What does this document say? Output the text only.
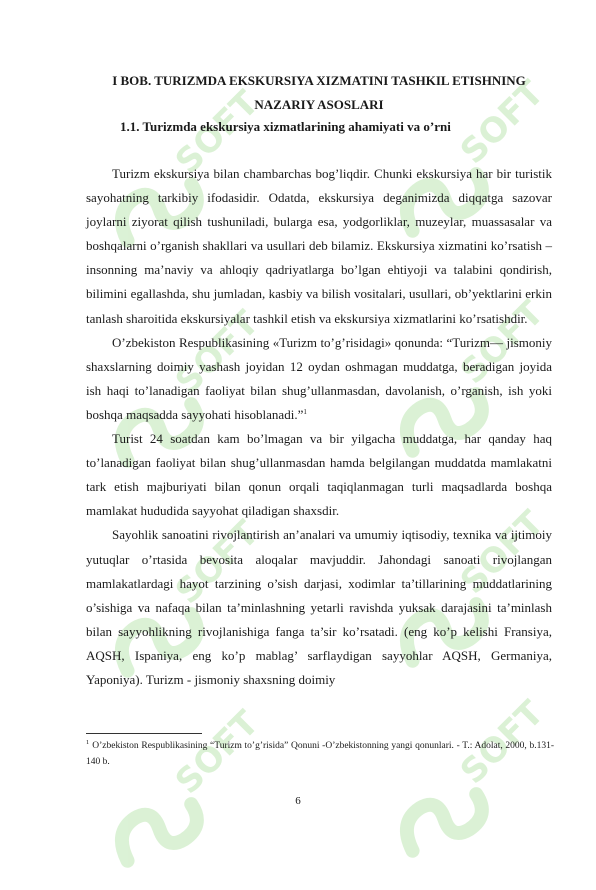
SOFT	SOFT
SOFT	SOFT
SOFT	SOFT
SOFT	SOFT
I BOB. TURIZMDA EKSKURSIYA XIZMATINI TASHKIL ETISHNING NAZARIY ASOSLARI
1.1. Turizmda ekskursiya xizmatlarining ahamiyati va o’rni

Turizm ekskursiya bilan chambarchas bog’liqdir. Chunki ekskursiya har bir turistik sayohatning tarkibiy ifodasidir. Odatda, ekskursiya deganimizda diqqatga sazovar joylarni ziyorat qilish tushuniladi, bularga esa, yodgorliklar, muzeylar, muassasalar va boshqalarni o’rganish shakllari va usullari deb bilamiz. Ekskursiya xizmatini ko’rsatish – insonning ma’naviy va ahloqiy qadriyatlarga bo’lgan ehtiyoji va talabini qondirish, bilimini egallashda, shu jumladan, kasbiy va bilish vositalari, usullari, ob’yektlarini erkin tanlash sharoitida ekskursiyalar tashkil etish va ekskursiya xizmatlarini ko’rsatishdir.

O’zbekiston Respublikasining «Turizm to’g’risidagi» qonunda: “Turizm— jismoniy shaxslarning doimiy yashash joyidan 12 oydan oshmagan muddatga, beradigan joyida ish haqi to’lanadigan faoliyat bilan shug’ullanmasdan, davolanish, o’rganish, ish yoki boshqa maqsadda sayyohati hisoblanadi.”$^1$

Turist 24 soatdan kam bo’lmagan va bir yilgacha muddatga, har qanday haq to’lanadigan faoliyat bilan shug’ullanmasdan hamda belgilangan muddatda mamlakatni tark etish majburiyati bilan qonun orqali taqiqlanmagan turli maqsadlarda boshqa mamlakat hududida sayyohat qiladigan shaxsdir.

Sayohlik sanoatini rivojlantirish an’analari va umumiy iqtisodiy, texnika va ijtimoiy yutuqlar o’rtasida bevosita aloqalar mavjuddir. Jahondagi sanoati rivojlangan mamlakatlardagi hayot tarzining o’sish darjasi, xodimlar ta’tillarining muddatlarining o’sishiga va nafaqa bilan ta’minlashning yetarli ravishda yuksak darajasini ta’minlash bilan sayyohlikning rivojlanishiga fanga ta’sir ko’rsatadi. (eng ko’p kelishi Fransiya, AQSH, Ispaniya, eng ko’p mablag’ sarflaydigan sayyohlar AQSH, Germaniya, Yaponiya). Turizm - jismoniy shaxsning doimiy

$^1$ O’zbekiston Respublikasining “Turizm to’g’risida” Qonuni -O’zbekistonning yangi qonunlari. - T.: Adolat, 2000, b.131-140 b.
6
